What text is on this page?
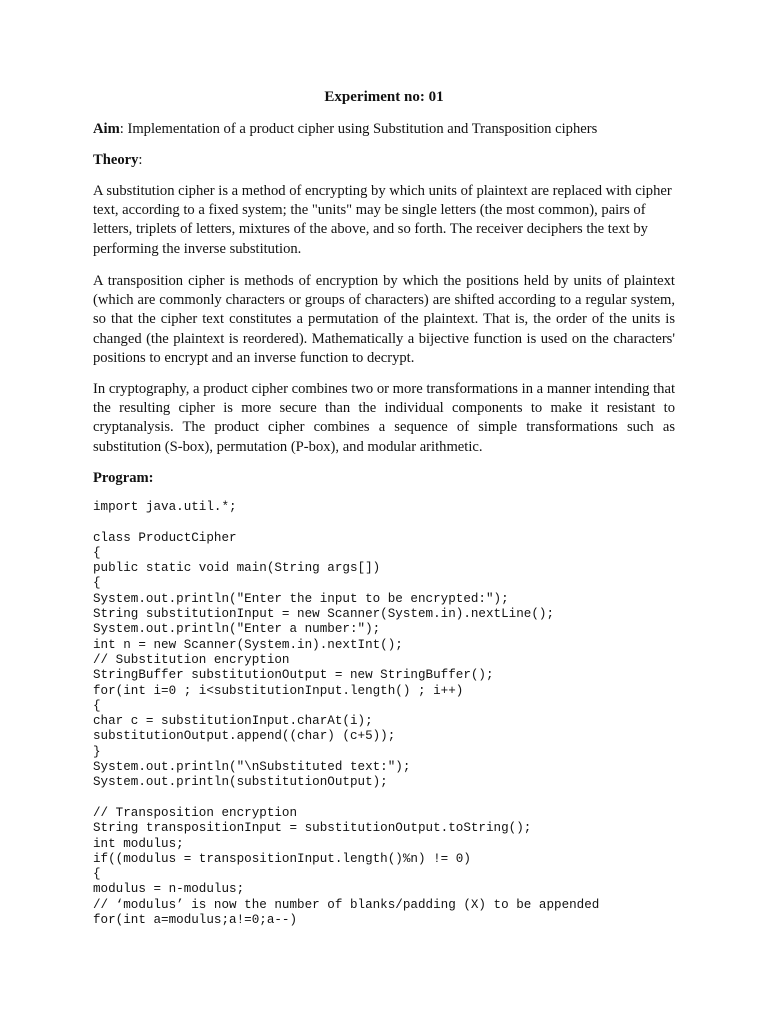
Experiment no: 01

Aim: Implementation of a product cipher using Substitution and Transposition ciphers

Theory:

A substitution cipher is a method of encrypting by which units of plaintext are replaced with cipher text, according to a fixed system; the "units" may be single letters (the most common), pairs of letters, triplets of letters, mixtures of the above, and so forth. The receiver deciphers the text by performing the inverse substitution.

A transposition cipher is methods of encryption by which the positions held by units of plaintext (which are commonly characters or groups of characters) are shifted according to a regular system, so that the cipher text constitutes a permutation of the plaintext. That is, the order of the units is changed (the plaintext is reordered). Mathematically a bijective function is used on the characters' positions to encrypt and an inverse function to decrypt.

In cryptography, a product cipher combines two or more transformations in a manner intending that the resulting cipher is more secure than the individual components to make it resistant to cryptanalysis. The product cipher combines a sequence of simple transformations such as substitution (S-box), permutation (P-box), and modular arithmetic.

Program:

import java.util.*;
class ProductCipher
{
public static void main(String args[])
{
System.out.println("Enter the input to be encrypted:");
String substitutionInput = new Scanner(System.in).nextLine();
System.out.println("Enter a number:");
int n = new Scanner(System.in).nextInt();
// Substitution encryption
StringBuffer substitutionOutput = new StringBuffer();
for(int i=0 ; i<substitutionInput.length() ; i++)
{
char c = substitutionInput.charAt(i);
substitutionOutput.append((char) (c+5));
}
System.out.println("\nSubstituted text:");
System.out.println(substitutionOutput);
// Transposition encryption
String transpositionInput = substitutionOutput.toString();
int modulus;
if((modulus = transpositionInput.length()%n) != 0)
{
modulus = n-modulus;
// ‘modulus’ is now the number of blanks/padding (X) to be appended
for(int a=modulus;a!=0;a--)
